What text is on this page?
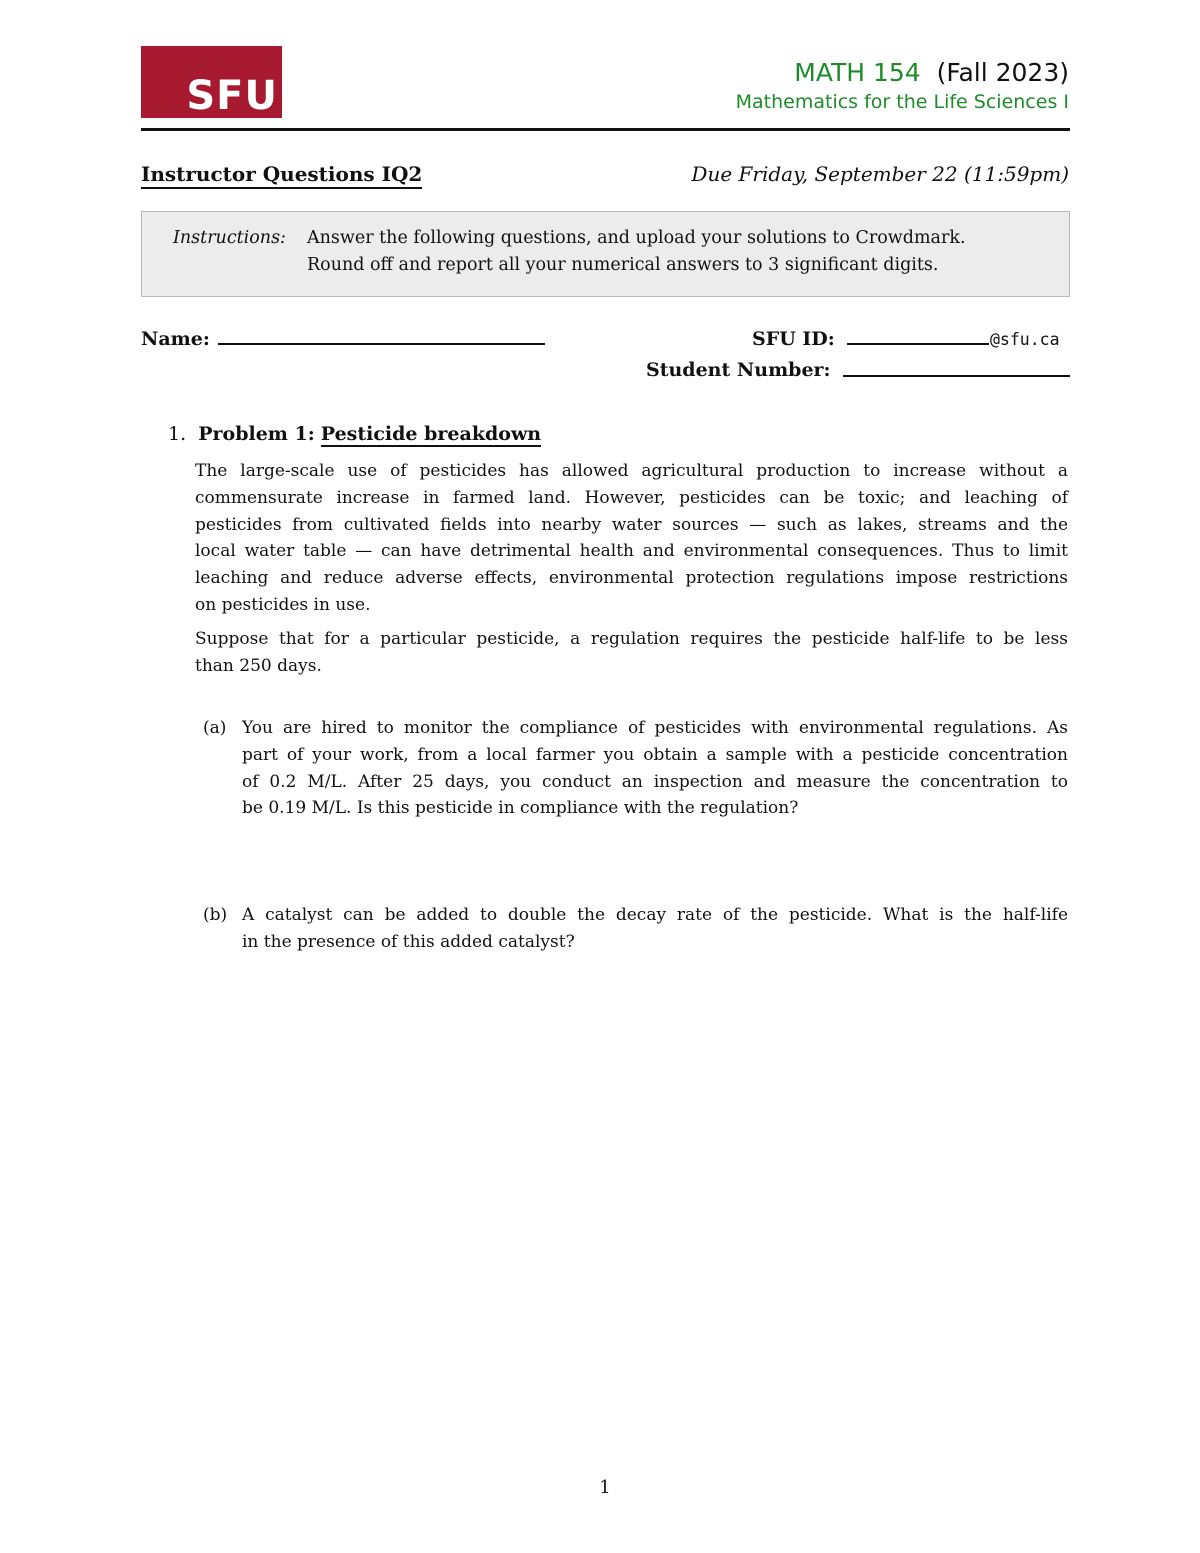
SFU
MATH 154 (Fall 2023)
Mathematics for the Life Sciences I
Instructor Questions IQ2	Due Friday, September 22 (11:59pm)
Instructions: Answer the following questions, and upload your solutions to Crowdmark.
Round off and report all your numerical answers to 3 significant digits.
Name:	SFU ID:	@sfu.ca
Student Number:
1. Problem 1: Pesticide breakdown
The large-scale use of pesticides has allowed agricultural production to increase without a
commensurate increase in farmed land. However, pesticides can be toxic; and leaching of
pesticides from cultivated fields into nearby water sources — such as lakes, streams and the
local water table — can have detrimental health and environmental consequences. Thus to limit
leaching and reduce adverse effects, environmental protection regulations impose restrictions
on pesticides in use.
Suppose that for a particular pesticide, a regulation requires the pesticide half-life to be less
than 250 days.
(a) You are hired to monitor the compliance of pesticides with environmental regulations. As
part of your work, from a local farmer you obtain a sample with a pesticide concentration
of 0.2 M/L. After 25 days, you conduct an inspection and measure the concentration to
be 0.19 M/L. Is this pesticide in compliance with the regulation?
(b) A catalyst can be added to double the decay rate of the pesticide. What is the half-life
in the presence of this added catalyst?
1
